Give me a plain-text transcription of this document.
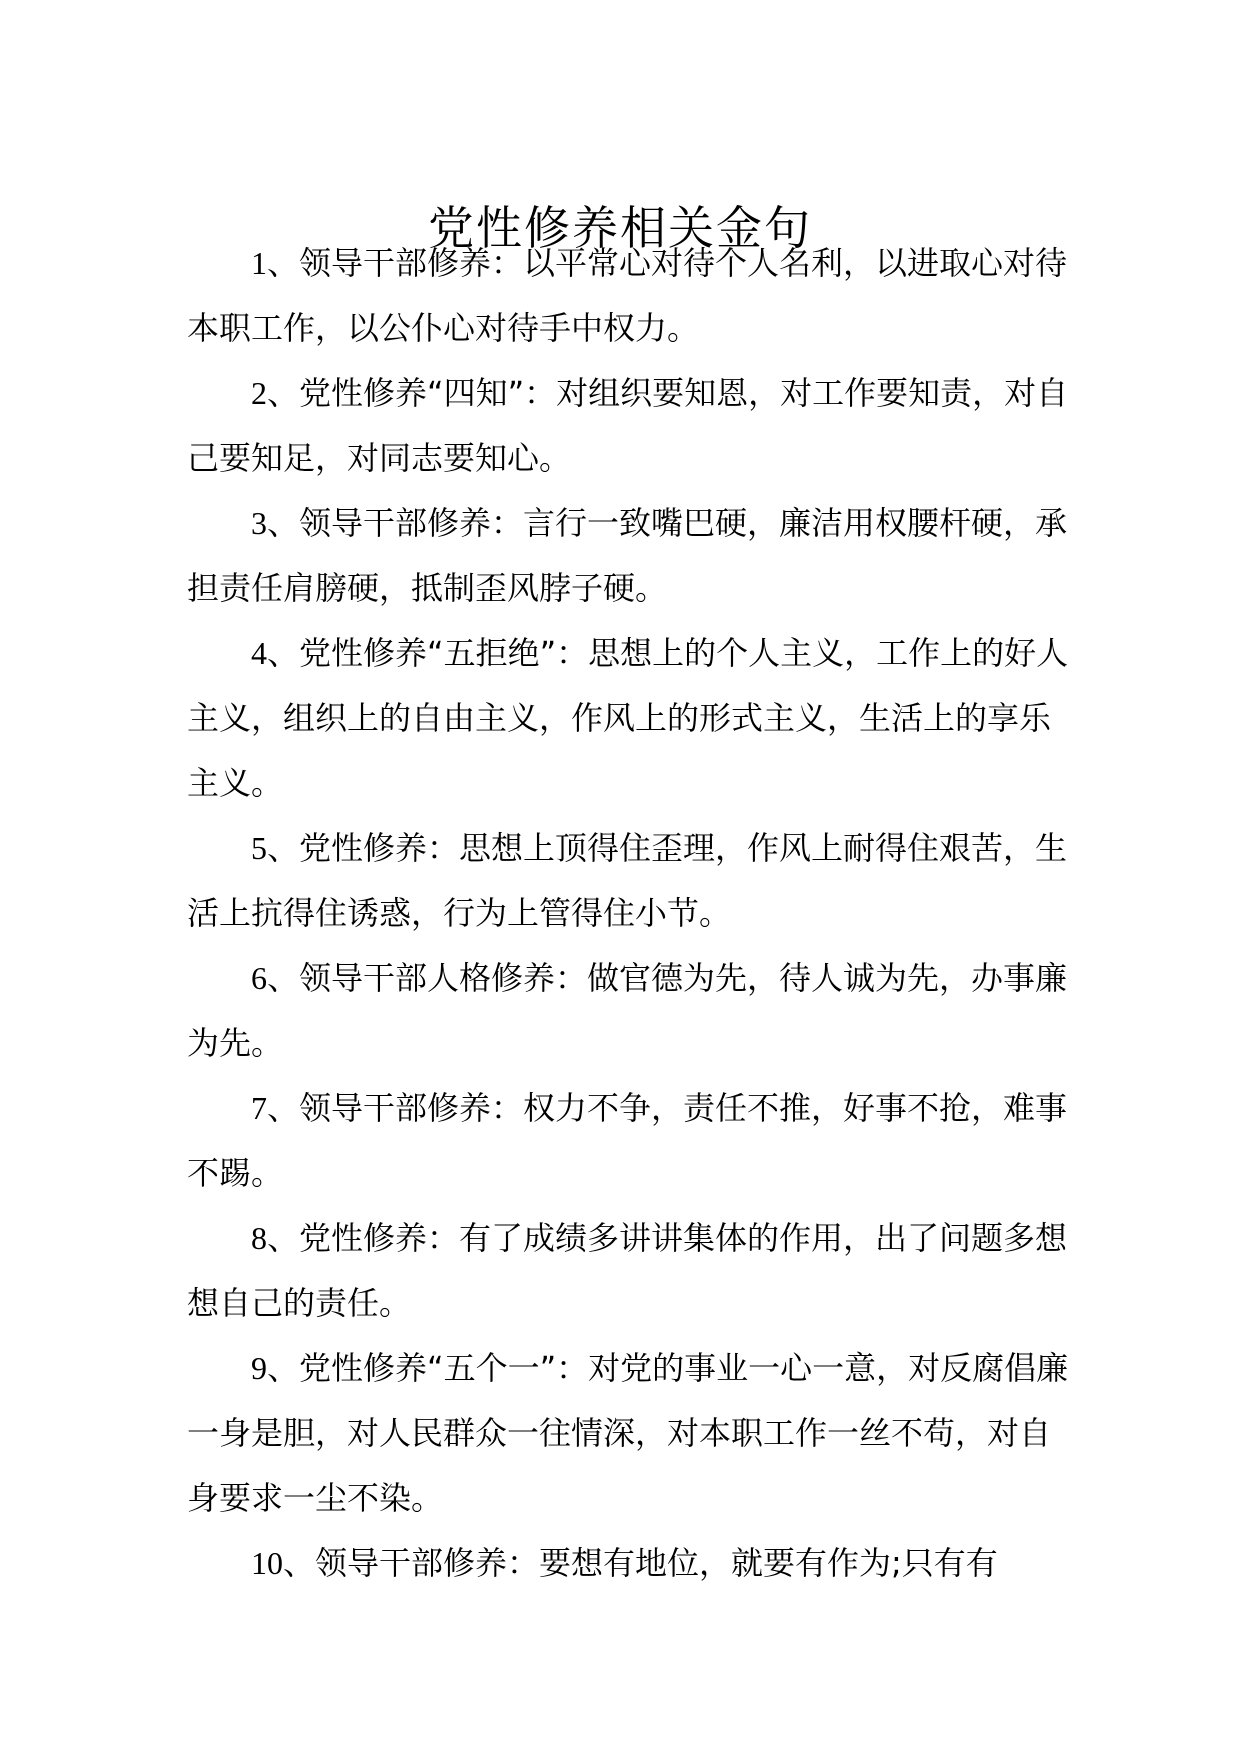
党性修养相关金句

1、领导干部修养：以平常心对待个人名利，以进取心对待本职工作，以公仆心对待手中权力。

2、党性修养“四知”：对组织要知恩，对工作要知责，对自己要知足，对同志要知心。

3、领导干部修养：言行一致嘴巴硬，廉洁用权腰杆硬，承担责任肩膀硬，抵制歪风脖子硬。

4、党性修养“五拒绝”：思想上的个人主义，工作上的好人主义，组织上的自由主义，作风上的形式主义，生活上的享乐主义。

5、党性修养：思想上顶得住歪理，作风上耐得住艰苦，生活上抗得住诱惑，行为上管得住小节。

6、领导干部人格修养：做官德为先，待人诚为先，办事廉为先。

7、领导干部修养：权力不争，责任不推，好事不抢，难事不踢。

8、党性修养：有了成绩多讲讲集体的作用，出了问题多想想自己的责任。

9、党性修养“五个一”：对党的事业一心一意，对反腐倡廉一身是胆，对人民群众一往情深，对本职工作一丝不苟，对自身要求一尘不染。

10、领导干部修养：要想有地位，就要有作为;只有有
